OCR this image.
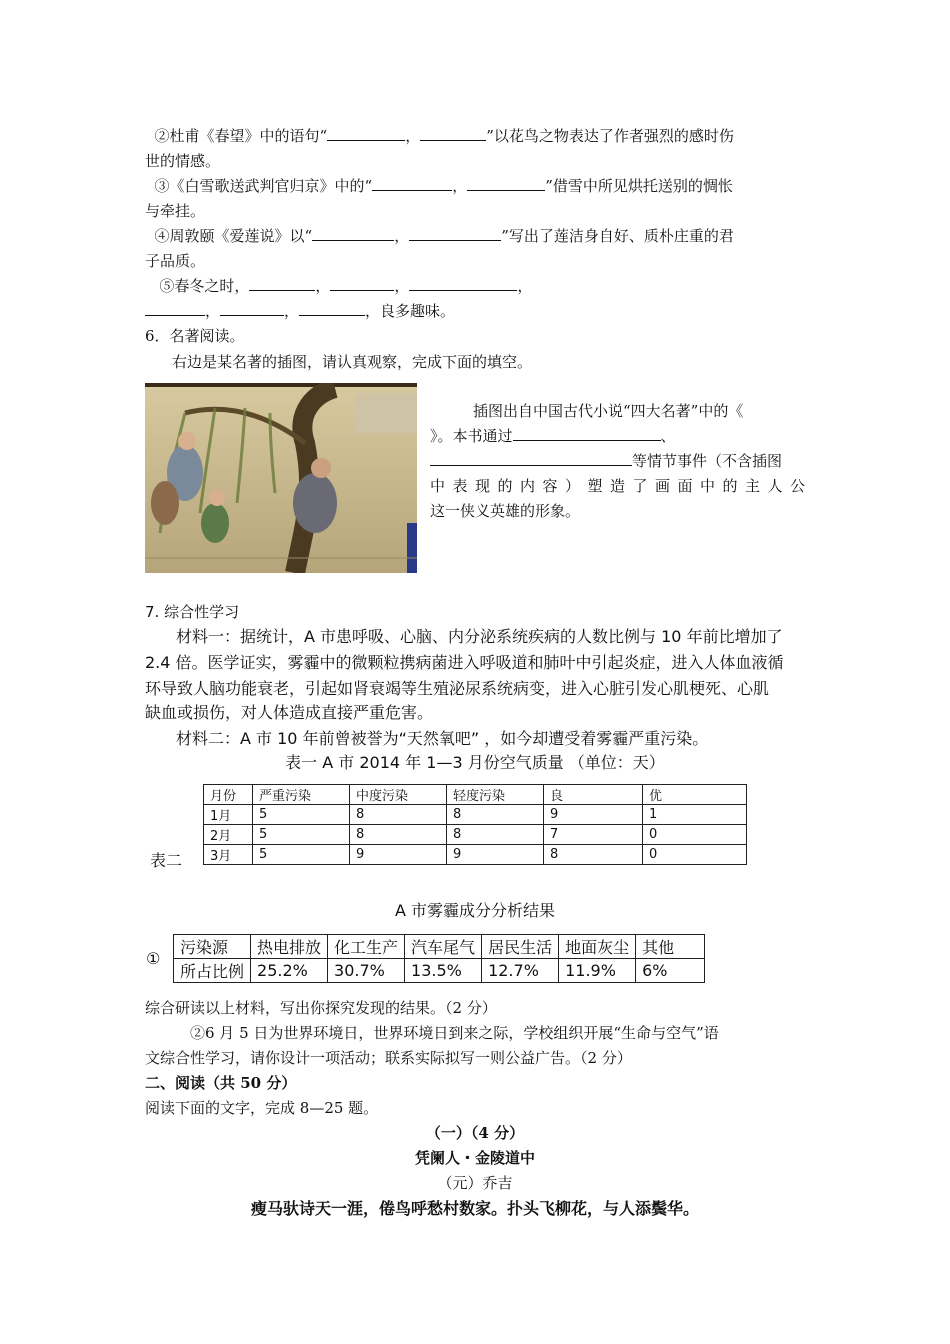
②杜甫《春望》中的语句“	，	”以花鸟之物表达了作者强烈的感时伤
世的情感。
③《白雪歌送武判官归京》中的“	，	”借雪中所见烘托送别的惆怅
与牵挂。
④周敦颐《爱莲说》以“	，	”写出了莲洁身自好、质朴庄重的君
子品质。
⑤春冬之时，	，	，	，
，	，	，良多趣味。
6．名著阅读。
右边是某名著的插图，请认真观察，完成下面的填空。
插图出自中国古代小说“四大名著”中的《
》。本书通过	、
等情节事件（不含插图
中表现的内容）塑造了画面中的主人公
这一侠义英雄的形象。
7. 综合性学习
材料一：据统计，A 市患呼吸、心脑、内分泌系统疾病的人数比例与 10 年前比增加了
2.4 倍。医学证实，雾霾中的微颗粒携病菌进入呼吸道和肺叶中引起炎症，进入人体血液循
环导致人脑功能衰老，引起如肾衰竭等生殖泌尿系统病变，进入心脏引发心肌梗死、心肌
缺血或损伤，对人体造成直接严重危害。
材料二：A 市 10 年前曾被誉为“天然氧吧” ，如今却遭受着雾霾严重污染。
表一 A 市 2014 年 1—3 月份空气质量 （单位：天）
月份	严重污染	中度污染	轻度污染	良	优
1月	5	8	8	9	1
2月	5	8	8	7	0
3月	5	9	9	8	0
表二
A 市雾霾成分分析结果
①
污染源	热电排放	化工生产	汽车尾气	居民生活	地面灰尘	其他
所占比例	25.2%	30.7%	13.5%	12.7%	11.9%	6%
综合研读以上材料，写出你探究发现的结果。（2 分）
②6 月 5 日为世界环境日，世界环境日到来之际，学校组织开展“生命与空气”语
文综合性学习，请你设计一项活动；联系实际拟写一则公益广告。（2 分）
二、阅读（共 50 分）
阅读下面的文字，完成 8—25 题。
（一）（4 分）
凭阑人・金陵道中
（元）乔吉
瘦马驮诗天一涯，倦鸟呼愁村数家。扑头飞柳花，与人添鬓华。
